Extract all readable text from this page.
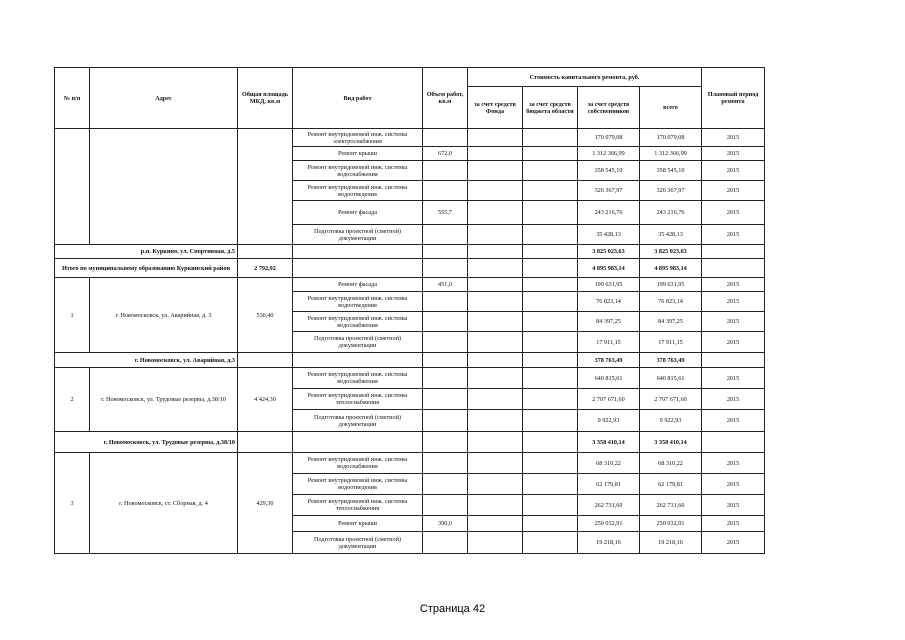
№ п/п	Адрес	Общая площадь МКД, кв.м	Вид работ	Объем работ, кв.м	Стоимость капитального ремонта, руб.				Плановый период ремонта
					за счет средств Фонда	за счет средств бюджета области	за счет средств собственников	всего	
			Ремонт внутридомовой инж. системы электроснабжения				170 079,08	170 079,08	2015
			Ремонт крыши	672,0			1 312 366,99	1 312 366,99	2015
			Ремонт внутридомовой инж. системы водоснабжения				358 545,10	358 545,10	2015
			Ремонт внутридомовой инж. системы водоотведения				326 367,97	326 367,97	2015
			Ремонт фасада	555,7			243 216,76	243 216,76	2015
			Подготовка проектной (сметной) документации				35 428,13	35 428,13	2015
р.п. Куркино, ул. Спортивная, д.5							3 825 023,63	3 825 023,63	
Итого по муниципальному образованию Куркинский район		2 792,92					4 895 983,14	4 895 983,14	
1	г. Новомосковск, ул. Аварийная, д. 3	530,40	Ремонт фасада	451,0			199 631,95	199 631,95	2015
			Ремонт внутридомовой инж. системы водоотведения				76 823,14	76 823,14	2015
			Ремонт внутридомовой инж. системы водоснабжения				84 397,25	84 397,25	2015
			Подготовка проектной (сметной) документации				17 911,15	17 911,15	2015
г. Новомосковск, ул. Аварийная, д.3							378 763,49	378 763,49	
2	г. Новомосковск, ул. Трудовые резервы, д.38/10	4 424,30	Ремонт внутридомовой инж. системы водоснабжения				640 815,61	640 815,61	2015
			Ремонт внутридомовой инж. системы теплоснабжения				2 707 671,60	2 707 671,60	2015
			Подготовка проектной (сметной) документации				9 922,93	9 922,93	2015
г. Новомосковск, ул. Трудовые резервы, д.38/10							3 358 410,14	3 358 410,14	
3	г. Новомосковск, ст. Сборная, д. 4	429,30	Ремонт внутридомовой инж. системы водоснабжения				68 310,22	68 310,22	2015
			Ремонт внутридомовой инж. системы водоотведения				62 179,81	62 179,81	2015
			Ремонт внутридомовой инж. системы теплоснабжения				262 731,60	262 731,60	2015
			Ремонт крыши	390,0			250 032,91	250 032,91	2015
			Подготовка проектной (сметной) документации				19 218,16	19 218,16	2015
Страница 42
